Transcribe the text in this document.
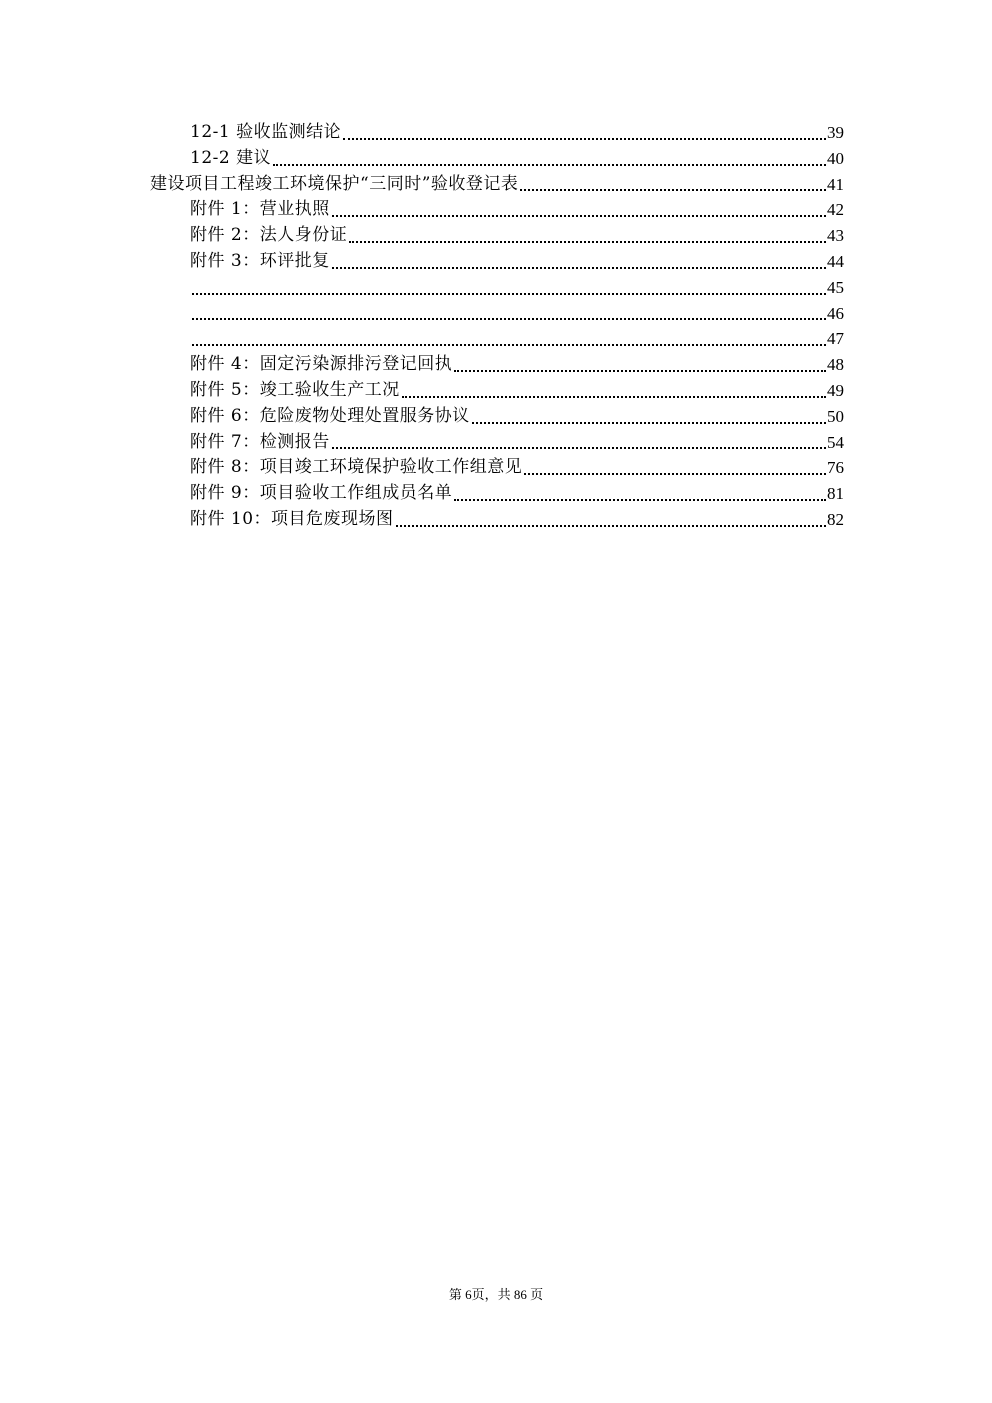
12-1 验收监测结论	39
12-2 建议	40
建设项目工程竣工环境保护“三同时”验收登记表	41
附件 1：营业执照	42
附件 2：法人身份证	43
附件 3：环评批复	44
45
46
47
附件 4：固定污染源排污登记回执	48
附件 5：竣工验收生产工况	49
附件 6：危险废物处理处置服务协议	50
附件 7：检测报告	54
附件 8：项目竣工环境保护验收工作组意见	76
附件 9：项目验收工作组成员名单	81
附件 10：项目危废现场图	82
第 6页，共 86 页
